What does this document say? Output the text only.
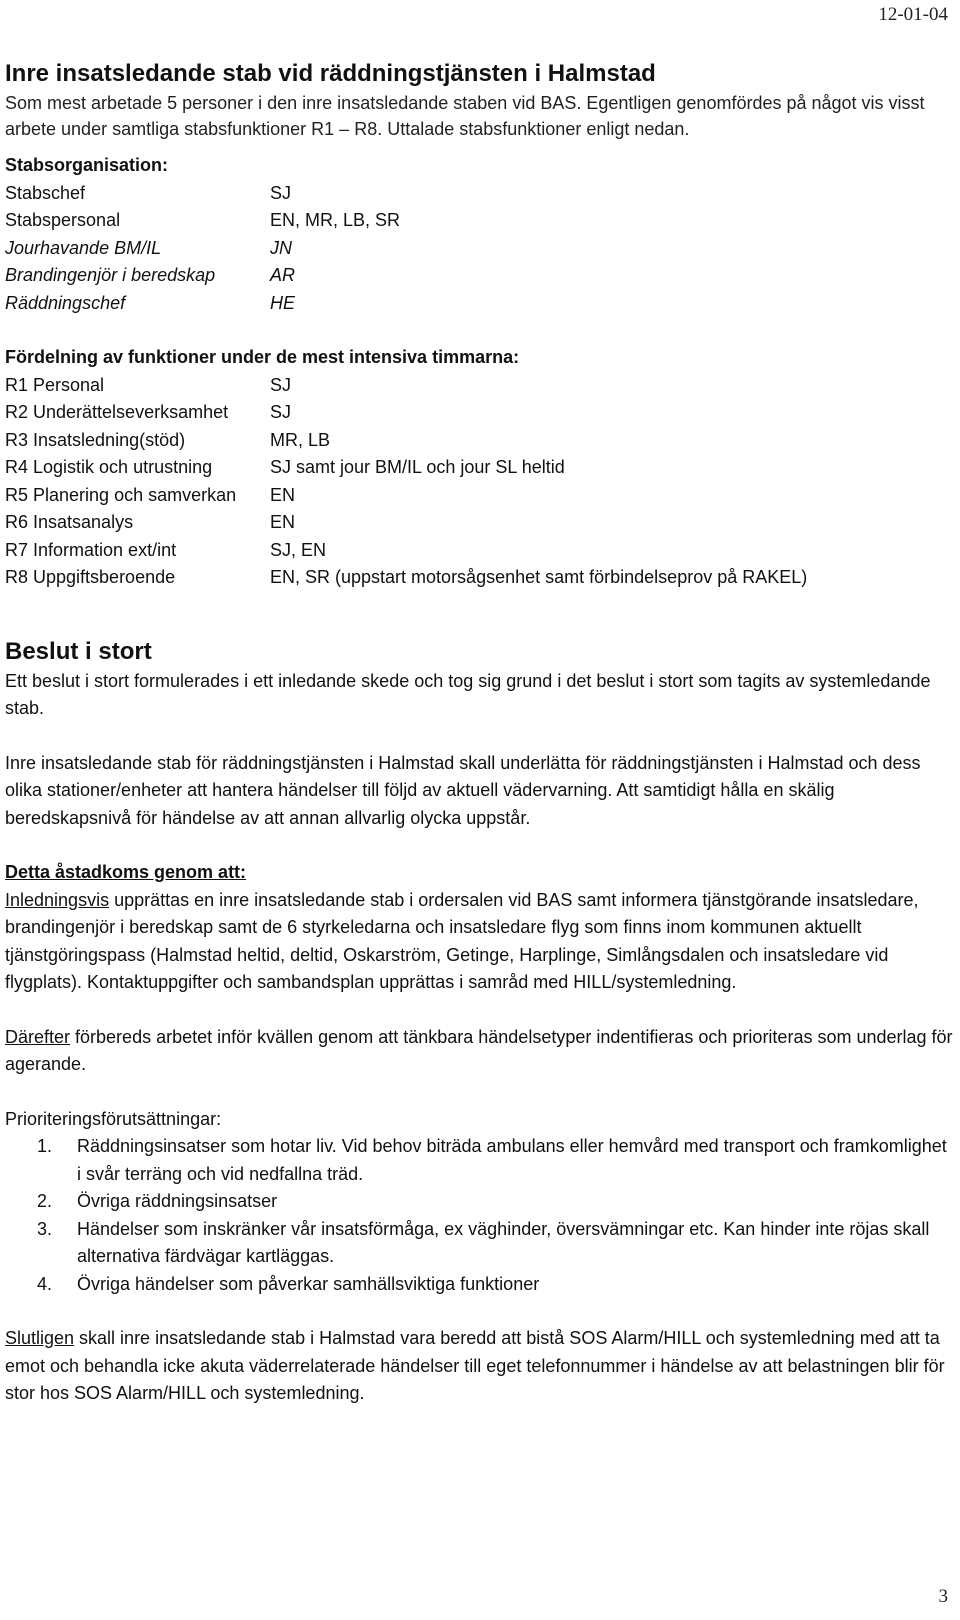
12-01-04
Inre insatsledande stab vid räddningstjänsten i Halmstad

Som mest arbetade 5 personer i den inre insatsledande staben vid BAS. Egentligen genomfördes på något vis visst arbete under samtliga stabsfunktioner R1 – R8. Uttalade stabsfunktioner enligt nedan.

Stabsorganisation:

Stabschef	SJ
Stabspersonal	EN, MR, LB, SR
Jourhavande BM/IL	JN
Brandingenjör i beredskap	AR
Räddningschef	HE

Fördelning av funktioner under de mest intensiva timmarna:

R1 Personal	SJ
R2 Underättelseverksamhet	SJ
R3 Insatsledning(stöd)	MR, LB
R4 Logistik och utrustning	SJ samt jour BM/IL och jour SL heltid
R5 Planering och samverkan	EN
R6 Insatsanalys	EN
R7 Information ext/int	SJ, EN
R8 Uppgiftsberoende	EN, SR (uppstart motorsågsenhet samt förbindelseprov på RAKEL)
Beslut i stort

Ett beslut i stort formulerades i ett inledande skede och tog sig grund i det beslut i stort som tagits av systemledande stab.

Inre insatsledande stab för räddningstjänsten i Halmstad skall underlätta för räddningstjänsten i Halmstad och dess olika stationer/enheter att hantera händelser till följd av aktuell vädervarning. Att samtidigt hålla en skälig beredskapsnivå för händelse av att annan allvarlig olycka uppstår.

Detta åstadkoms genom att:

Inledningsvis upprättas en inre insatsledande stab i ordersalen vid BAS samt informera tjänstgörande insatsledare, brandingenjör i beredskap samt de 6 styrkeledarna och insatsledare flyg som finns inom kommunen aktuellt tjänstgöringspass (Halmstad heltid, deltid, Oskarström, Getinge, Harplinge, Simlångsdalen och insatsledare vid flygplats). Kontaktuppgifter och sambandsplan upprättas i samråd med HILL/systemledning.

Därefter förbereds arbetet inför kvällen genom att tänkbara händelsetyper indentifieras och prioriteras som underlag för agerande.

Prioriteringsförutsättningar:

1.	Räddningsinsatser som hotar liv. Vid behov biträda ambulans eller hemvård med transport och framkomlighet i svår terräng och vid nedfallna träd.
2.	Övriga räddningsinsatser
3.	Händelser som inskränker vår insatsförmåga, ex väghinder, översvämningar etc. Kan hinder inte röjas skall alternativa färdvägar kartläggas.
4.	Övriga händelser som påverkar samhällsviktiga funktioner

Slutligen skall inre insatsledande stab i Halmstad vara beredd att bistå SOS Alarm/HILL och systemledning med att ta emot och behandla icke akuta väderrelaterade händelser till eget telefonnummer i händelse av att belastningen blir för stor hos SOS Alarm/HILL och systemledning.

3
